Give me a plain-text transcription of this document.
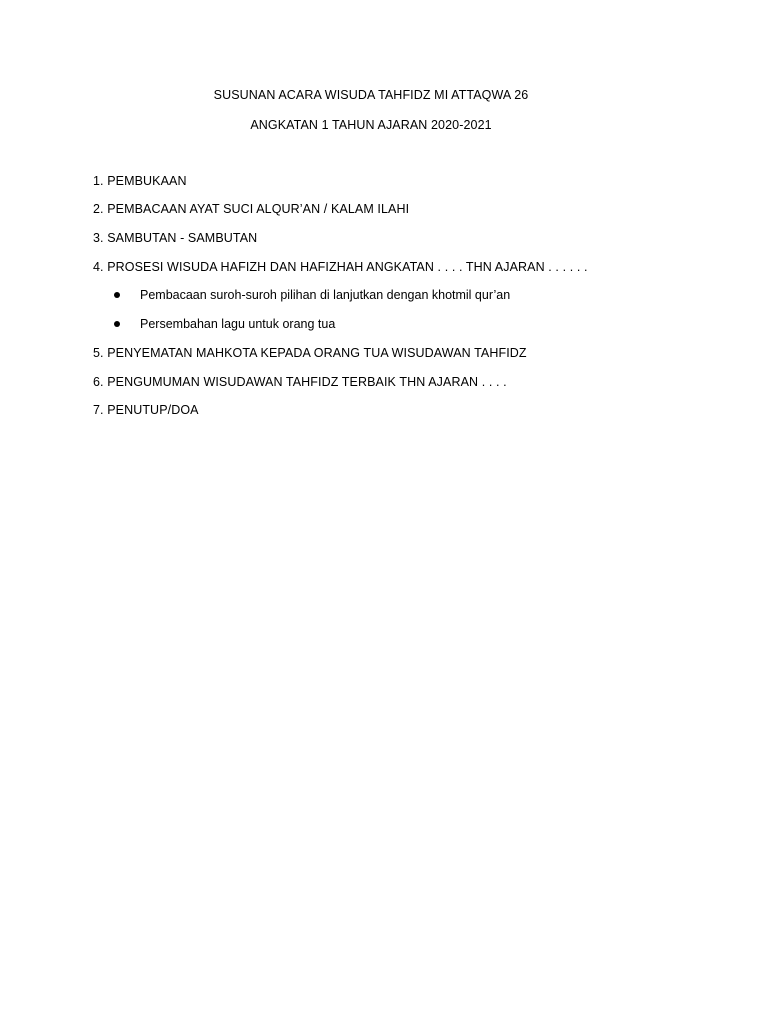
SUSUNAN ACARA WISUDA TAHFIDZ MI ATTAQWA 26
ANGKATAN 1 TAHUN AJARAN 2020-2021
1. PEMBUKAAN
2. PEMBACAAN AYAT SUCI ALQUR’AN / KALAM ILAHI
3. SAMBUTAN - SAMBUTAN
4. PROSESI WISUDA HAFIZH DAN HAFIZHAH ANGKATAN . . . . THN AJARAN . . . . . .
Pembacaan suroh-suroh pilihan di lanjutkan dengan khotmil qur’an
Persembahan lagu untuk orang tua
5. PENYEMATAN MAHKOTA KEPADA ORANG TUA WISUDAWAN TAHFIDZ
6. PENGUMUMAN WISUDAWAN TAHFIDZ TERBAIK THN AJARAN . . . .
7. PENUTUP/DOA
